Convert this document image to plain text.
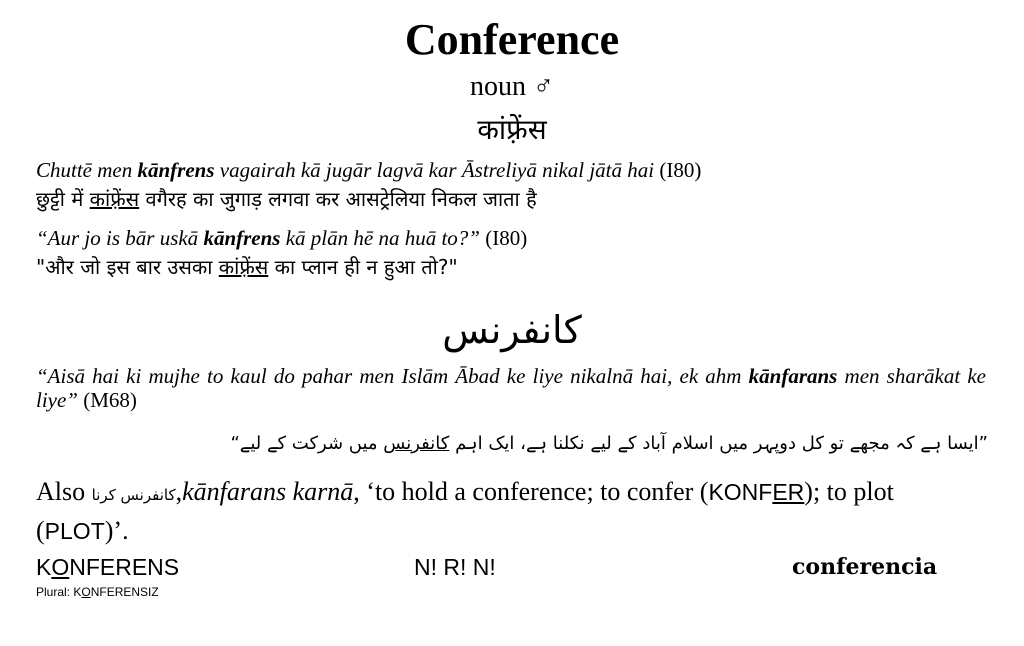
Conference
noun ♂
कांफ़्रेंस
Chuttē men kānfrens vagairah kā jugār lagvā kar Āstreliyā nikal jātā hai (I80)
छुट्टी में कांफ़्रेंस वगैरह का जुगाड़ लगवा कर आसट्रेलिया निकल जाता है
“Aur jo is bār uskā kānfrens kā plān hē na huā to?” (I80)
"और जो इस बार उसका कांफ़्रेंस का प्लान ही न हुआ तो?"
کانفرنس
“Aisā hai ki mujhe to kaul do pahar men Islām Ābad ke liye nikalnā hai, ek ahm kānfarans men sharākat ke liye” (M68)
”ایسا ہے کہ مجھے تو کل دوپہر میں اسلام آباد کے لیے نکلنا ہے، ایک اہم کانفرنس میں شرکت کے لیے“
Also کانفرنس کرنا,kānfarans karnā, ‘to hold a conference; to confer (KONFER); to plot (PLOT)’.
KONFERENS
Plural: KONFERENSIZ
N! R! N!	conferencia
